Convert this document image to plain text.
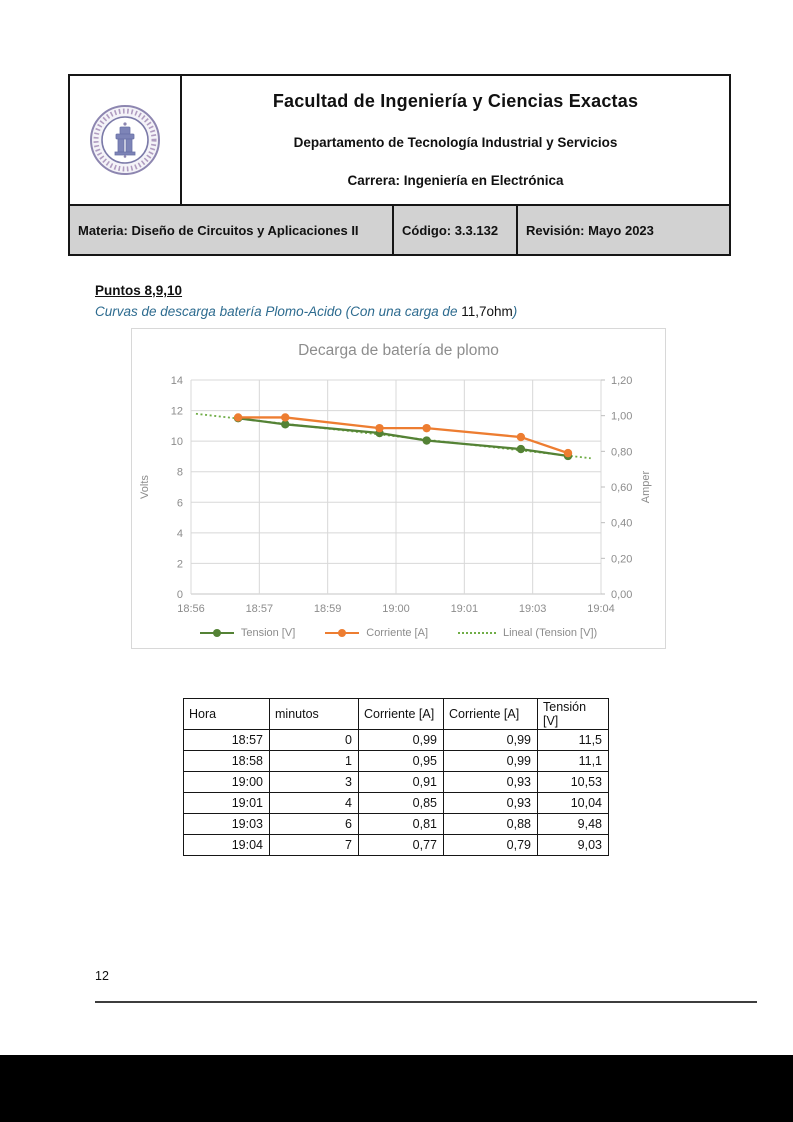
Facultad de Ingeniería y Ciencias Exactas
Departamento de Tecnología Industrial y Servicios
Carrera: Ingeniería en Electrónica
Materia: Diseño de Circuitos y Aplicaciones II	Código: 3.3.132	Revisión: Mayo 2023
Puntos 8,9,10
Curvas de descarga batería Plomo-Acido (Con una carga de 11,7ohm)
Decarga de batería de plomo
0
2
4
6
8
10
12
14
18:56	18:57	18:59	19:00	19:01	19:03	19:04
0,00
0,20
0,40
0,60
0,80
1,00
1,20
Volts	Amper
Tension [V]	Corriente [A]	Lineal (Tension [V])
Hora	minutos	Corriente [A]	Corriente [A]	Tensión [V]
18:57	0	0,99	0,99	11,5
18:58	1	0,95	0,99	11,1
19:00	3	0,91	0,93	10,53
19:01	4	0,85	0,93	10,04
19:03	6	0,81	0,88	9,48
19:04	7	0,77	0,79	9,03
12
